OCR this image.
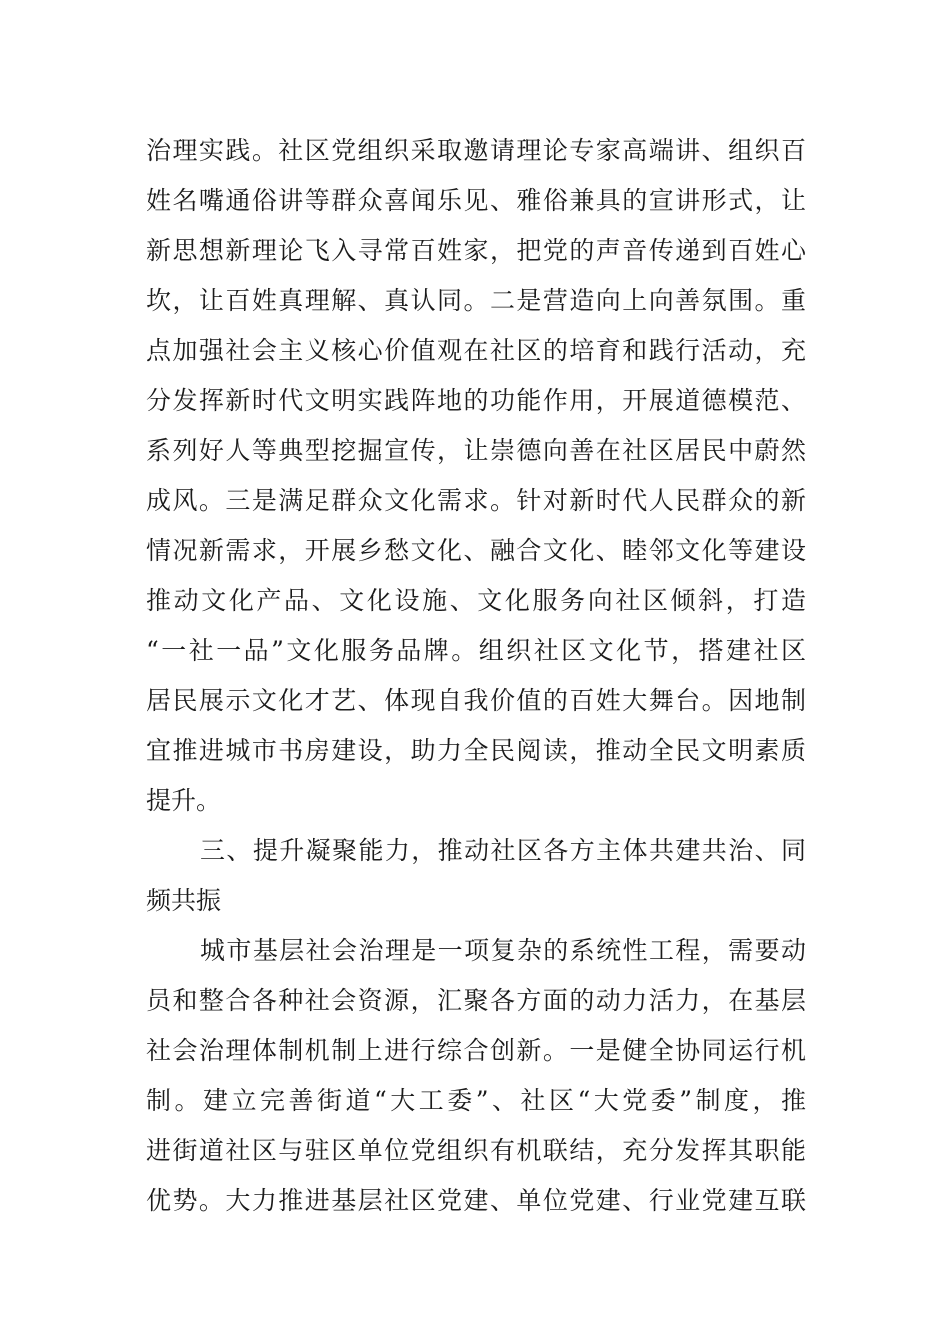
治理实践。社区党组织采取邀请理论专家高端讲、组织百
姓名嘴通俗讲等群众喜闻乐见、雅俗兼具的宣讲形式，让
新思想新理论飞入寻常百姓家，把党的声音传递到百姓心
坎，让百姓真理解、真认同。二是营造向上向善氛围。重
点加强社会主义核心价值观在社区的培育和践行活动，充
分发挥新时代文明实践阵地的功能作用，开展道德模范、
系列好人等典型挖掘宣传，让崇德向善在社区居民中蔚然
成风。三是满足群众文化需求。针对新时代人民群众的新
情况新需求，开展乡愁文化、融合文化、睦邻文化等建设
推动文化产品、文化设施、文化服务向社区倾斜，打造
“一社一品”文化服务品牌。组织社区文化节，搭建社区
居民展示文化才艺、体现自我价值的百姓大舞台。因地制
宜推进城市书房建设，助力全民阅读，推动全民文明素质
提升。
三、提升凝聚能力，推动社区各方主体共建共治、同
频共振
城市基层社会治理是一项复杂的系统性工程，需要动
员和整合各种社会资源，汇聚各方面的动力活力，在基层
社会治理体制机制上进行综合创新。一是健全协同运行机
制。建立完善街道“大工委”、社区“大党委”制度，推
进街道社区与驻区单位党组织有机联结，充分发挥其职能
优势。大力推进基层社区党建、单位党建、行业党建互联
